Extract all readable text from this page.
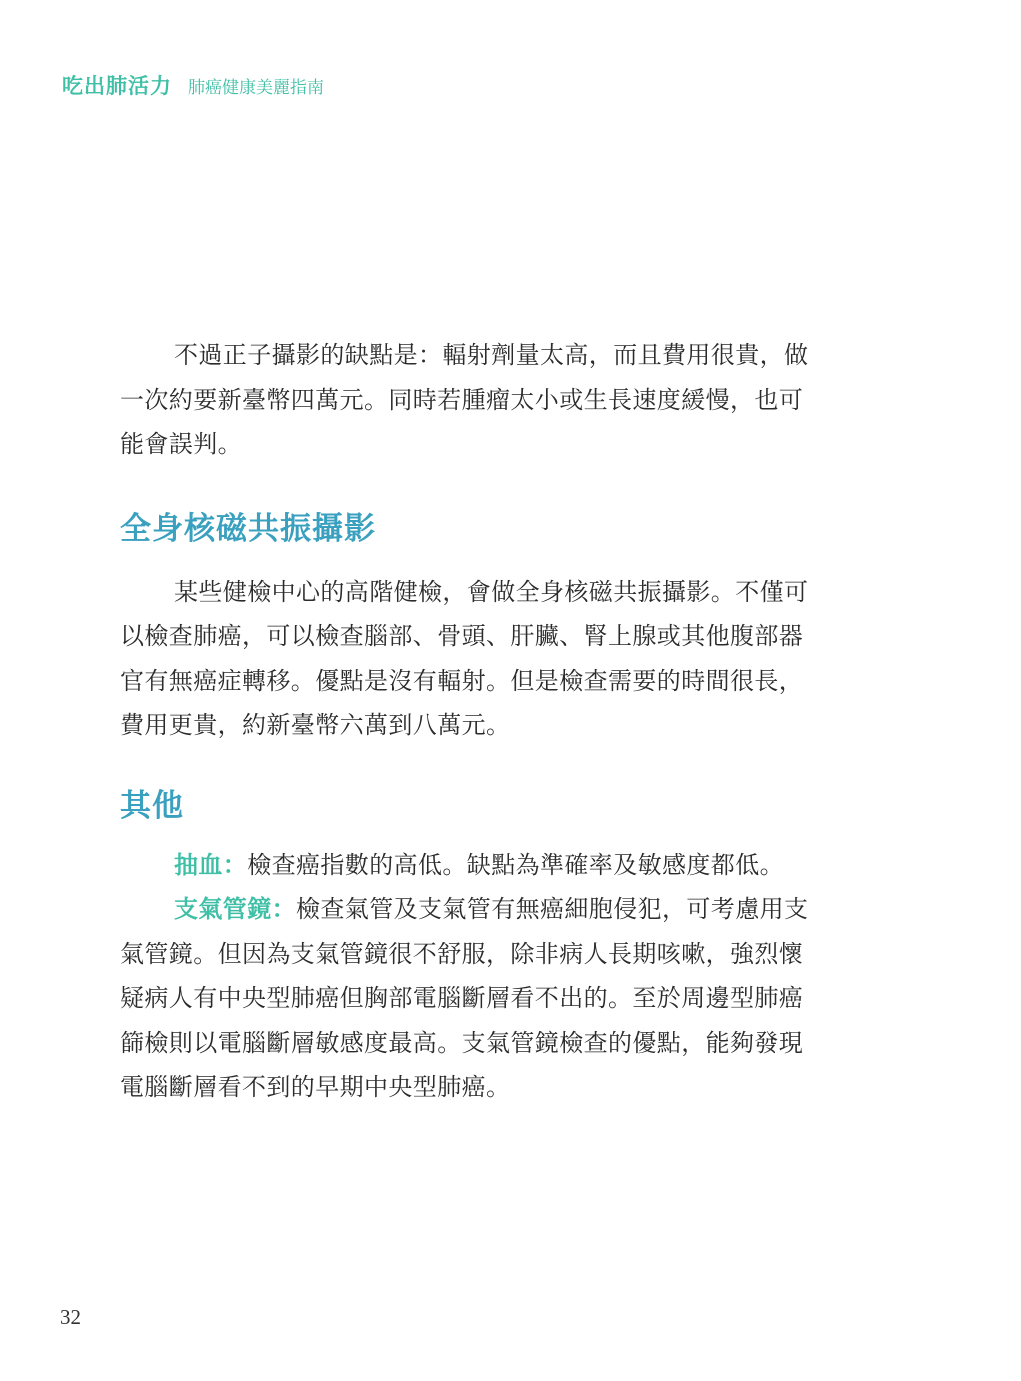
吃出肺活力 肺癌健康美麗指南

不過正子攝影的缺點是：輻射劑量太高，而且費用很貴，做
一次約要新臺幣四萬元。同時若腫瘤太小或生長速度緩慢，也可
能會誤判。

全身核磁共振攝影

某些健檢中心的高階健檢，會做全身核磁共振攝影。不僅可
以檢查肺癌，可以檢查腦部、骨頭、肝臟、腎上腺或其他腹部器
官有無癌症轉移。優點是沒有輻射。但是檢查需要的時間很長，
費用更貴，約新臺幣六萬到八萬元。

其他

抽血：檢查癌指數的高低。缺點為準確率及敏感度都低。

支氣管鏡：檢查氣管及支氣管有無癌細胞侵犯，可考慮用支
氣管鏡。但因為支氣管鏡很不舒服，除非病人長期咳嗽，強烈懷
疑病人有中央型肺癌但胸部電腦斷層看不出的。至於周邊型肺癌
篩檢則以電腦斷層敏感度最高。支氣管鏡檢查的優點，能夠發現
電腦斷層看不到的早期中央型肺癌。

32
